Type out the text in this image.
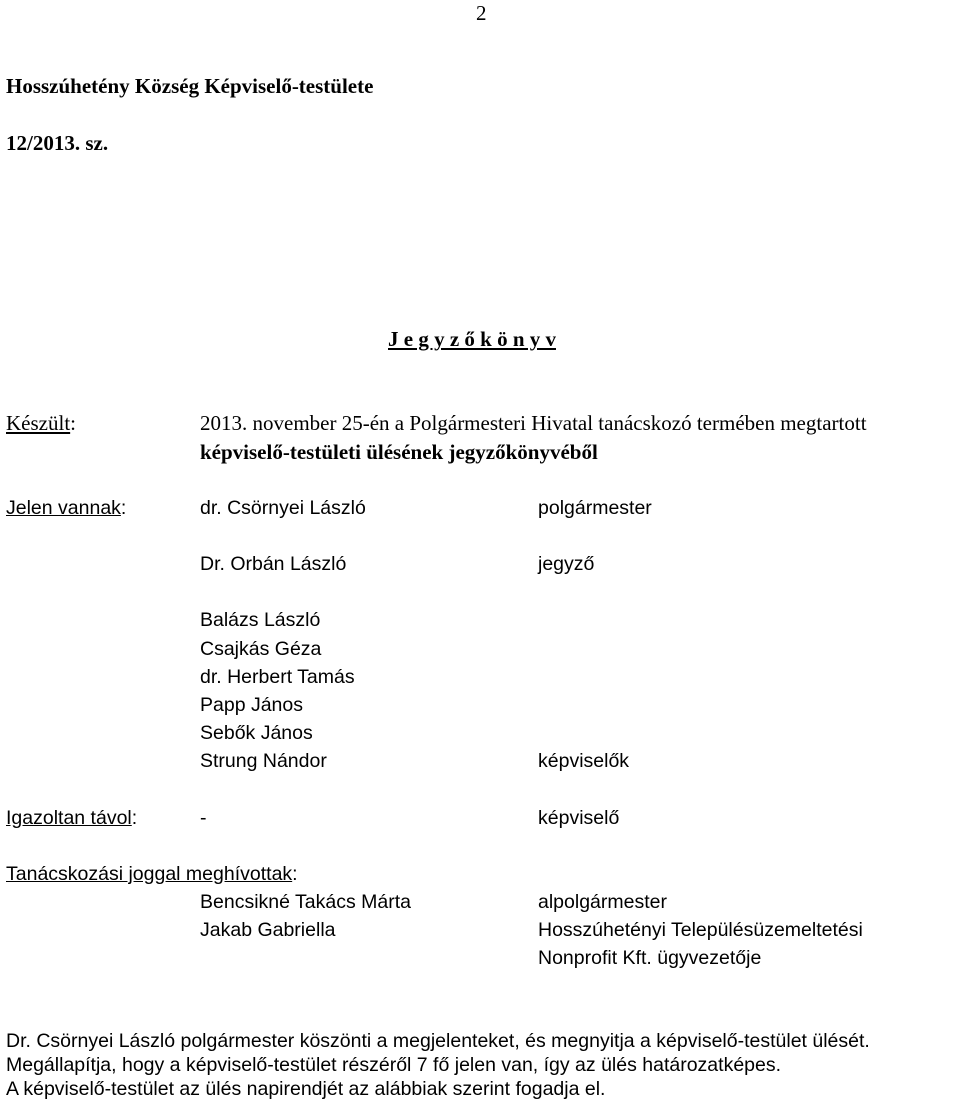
2
Hosszúhetény Község Képviselő-testülete
12/2013. sz.
J e g y z ő k ö n y v
Készült:	2013. november 25-én a Polgármesteri Hivatal tanácskozó termében megtartott
képviselő-testületi ülésének jegyzőkönyvéből
Jelen vannak:	dr. Csörnyei László	polgármester
Dr. Orbán László	jegyző
Balázs László
Csajkás Géza
dr. Herbert Tamás
Papp János
Sebők János
Strung Nándor	képviselők
Igazoltan távol:	-	képviselő
Tanácskozási joggal meghívottak:
Bencsikné Takács Márta	alpolgármester
Jakab Gabriella	Hosszúhetényi Településüzemeltetési
Nonprofit Kft. ügyvezetője
Dr. Csörnyei László polgármester köszönti a megjelenteket, és megnyitja a képviselő-testület ülését.
Megállapítja, hogy a képviselő-testület részéről 7 fő jelen van, így az ülés határozatképes.
A képviselő-testület az ülés napirendjét az alábbiak szerint fogadja el.
